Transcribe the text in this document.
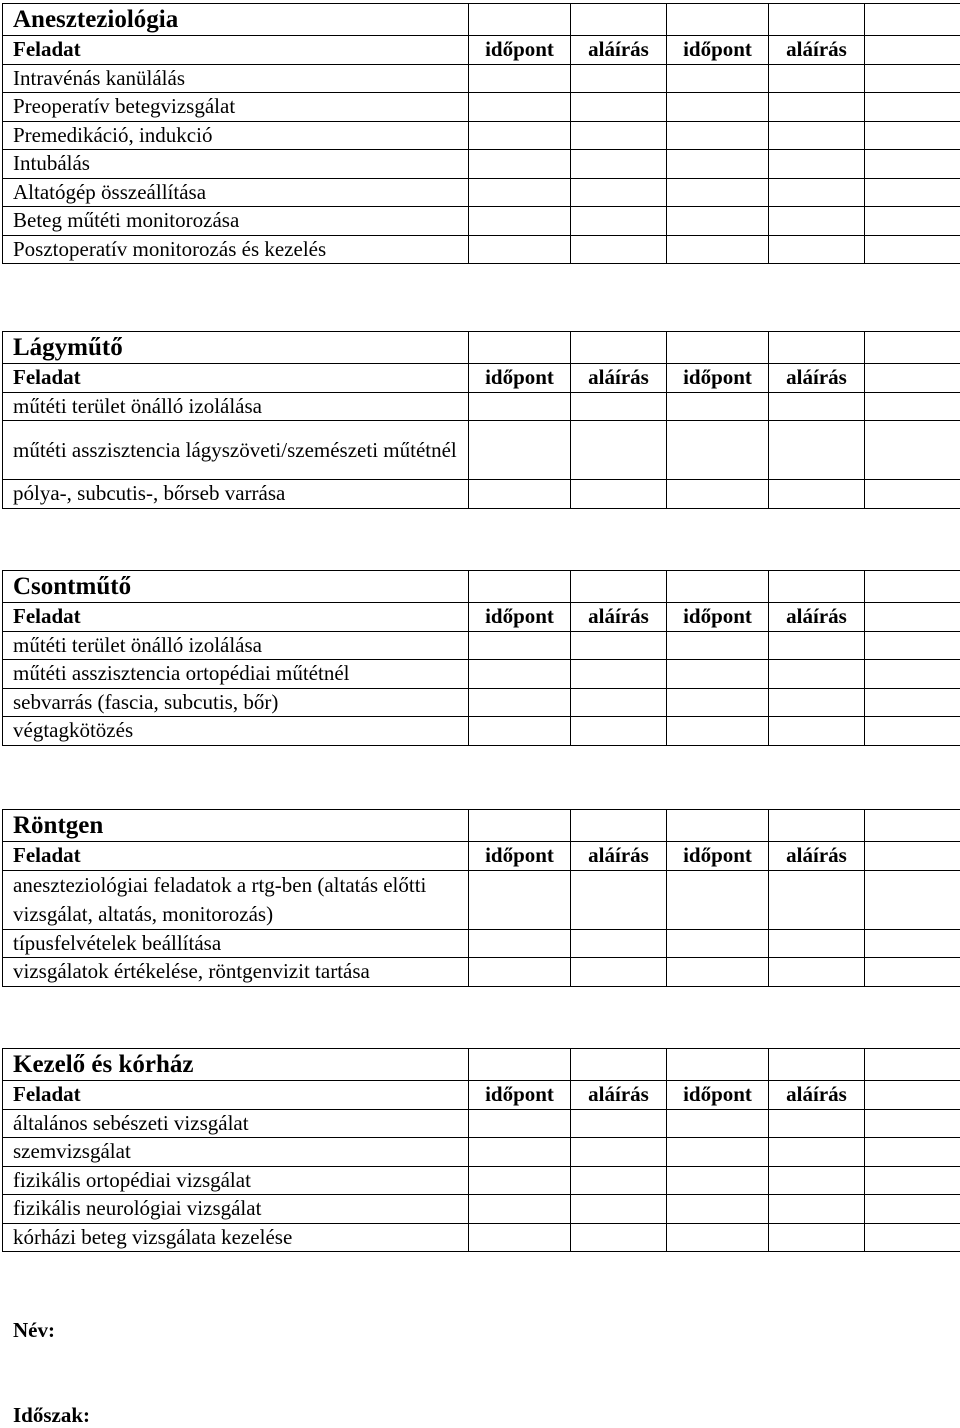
Aneszteziológia					
Feladat	időpont	aláírás	időpont	aláírás	
Intravénás kanülálás					
Preoperatív betegvizsgálat					
Premedikáció, indukció					
Intubálás					
Altatógép összeállítása					
Beteg műtéti monitorozása					
Posztoperatív monitorozás és kezelés					
Lágyműtő					
Feladat	időpont	aláírás	időpont	aláírás	
műtéti terület önálló izolálása					
műtéti asszisztencia lágyszöveti/szemészeti műtétnél					
pólya-, subcutis-, bőrseb varrása					
Csontműtő					
Feladat	időpont	aláírás	időpont	aláírás	
műtéti terület önálló izolálása					
műtéti asszisztencia ortopédiai műtétnél					
sebvarrás (fascia, subcutis, bőr)					
végtagkötözés					
Röntgen					
Feladat	időpont	aláírás	időpont	aláírás	
aneszteziológiai feladatok a rtg-ben (altatás előtti vizsgálat, altatás, monitorozás)					
típusfelvételek beállítása					
vizsgálatok értékelése, röntgenvizit tartása					
Kezelő és kórház					
Feladat	időpont	aláírás	időpont	aláírás	
általános sebészeti vizsgálat					
szemvizsgálat					
fizikális ortopédiai vizsgálat					
fizikális neurológiai vizsgálat					
kórházi beteg vizsgálata kezelése					
Név:
Időszak:
